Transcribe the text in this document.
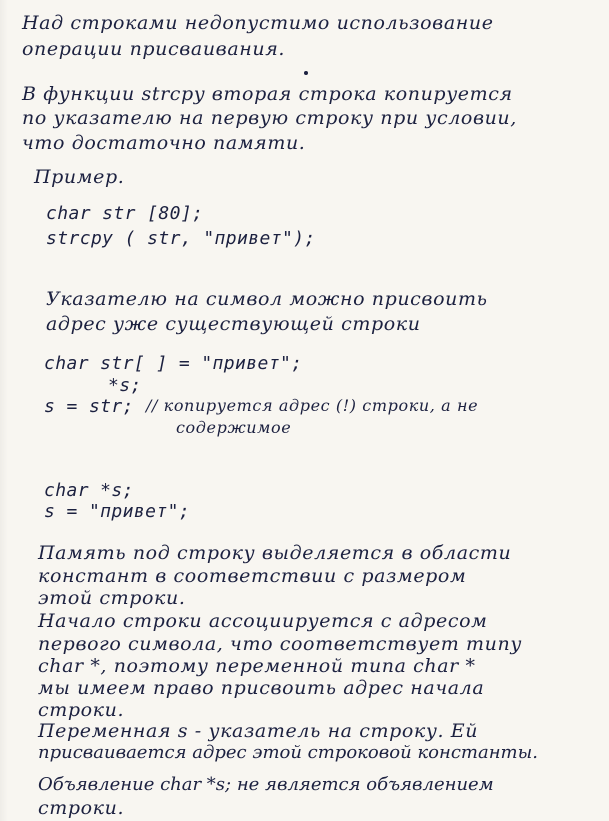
Над строками недопустимо использование
операции присваивания.
В функции strcpy вторая строка копируется
по указателю на первую строку при условии,
что достаточно памяти.
Пример.
char str [80];
strcpy ( str, "привет");
Указателю на символ можно присвоить
адрес уже существующей строки
char str[ ] = "привет";
*s;
s = str; // копируется адрес (!) строки, а не
содержимое
char *s;
s = "привет";
Память под строку выделяется в области
констант в соответствии с размером
этой строки.
Начало строки ассоциируется с адресом
первого символа, что соответствует типу
char *, поэтому переменной типа char *
мы имеем право присвоить адрес начала
строки.
Переменная s - указатель на строку. Ей
присваивается адрес этой строковой константы.
Объявление char *s; не является объявлением
строки.
